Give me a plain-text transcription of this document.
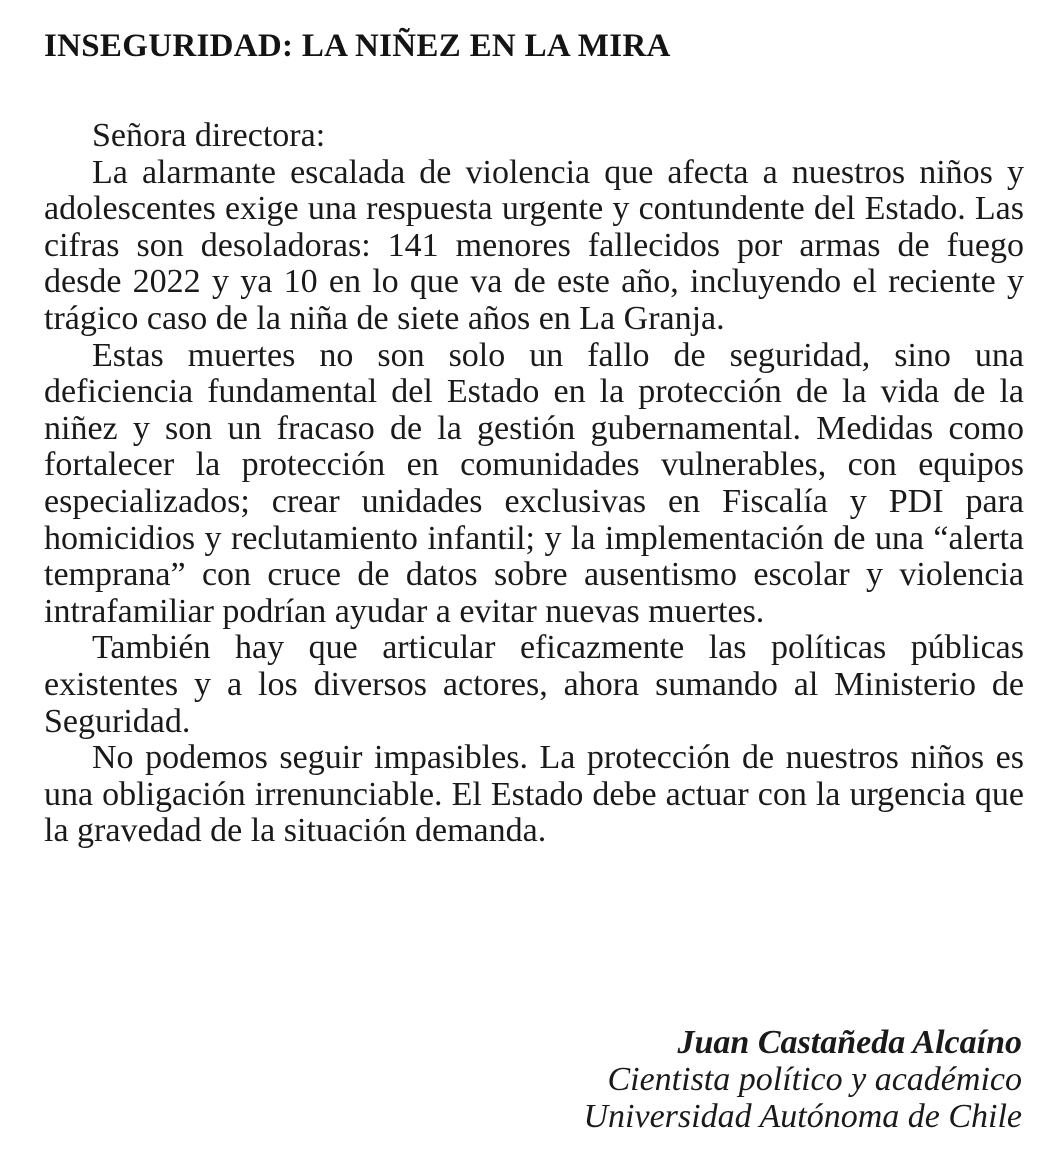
INSEGURIDAD: LA NIÑEZ EN LA MIRA

Señora directora:

La alarmante escalada de violencia que afecta a nuestros niños y adolescentes exige una respuesta urgente y contundente del Estado. Las cifras son desoladoras: 141 menores fallecidos por armas de fuego desde 2022 y ya 10 en lo que va de este año, incluyendo el reciente y trágico caso de la niña de siete años en La Granja.

Estas muertes no son solo un fallo de seguridad, sino una deficiencia fundamental del Estado en la protección de la vida de la niñez y son un fracaso de la gestión gubernamental. Medidas como fortalecer la protección en comunidades vulnerables, con equipos especializados; crear unidades exclusivas en Fiscalía y PDI para homicidios y reclutamiento infantil; y la implementación de una “alerta temprana” con cruce de datos sobre ausentismo escolar y violencia intrafamiliar podrían ayudar a evitar nuevas muertes.

También hay que articular eficazmente las políticas públicas existentes y a los diversos actores, ahora sumando al Ministerio de Seguridad.

No podemos seguir impasibles. La protección de nuestros niños es una obligación irrenunciable. El Estado debe actuar con la urgencia que la gravedad de la situación demanda.

Juan Castañeda Alcaíno
Cientista político y académico
Universidad Autónoma de Chile
